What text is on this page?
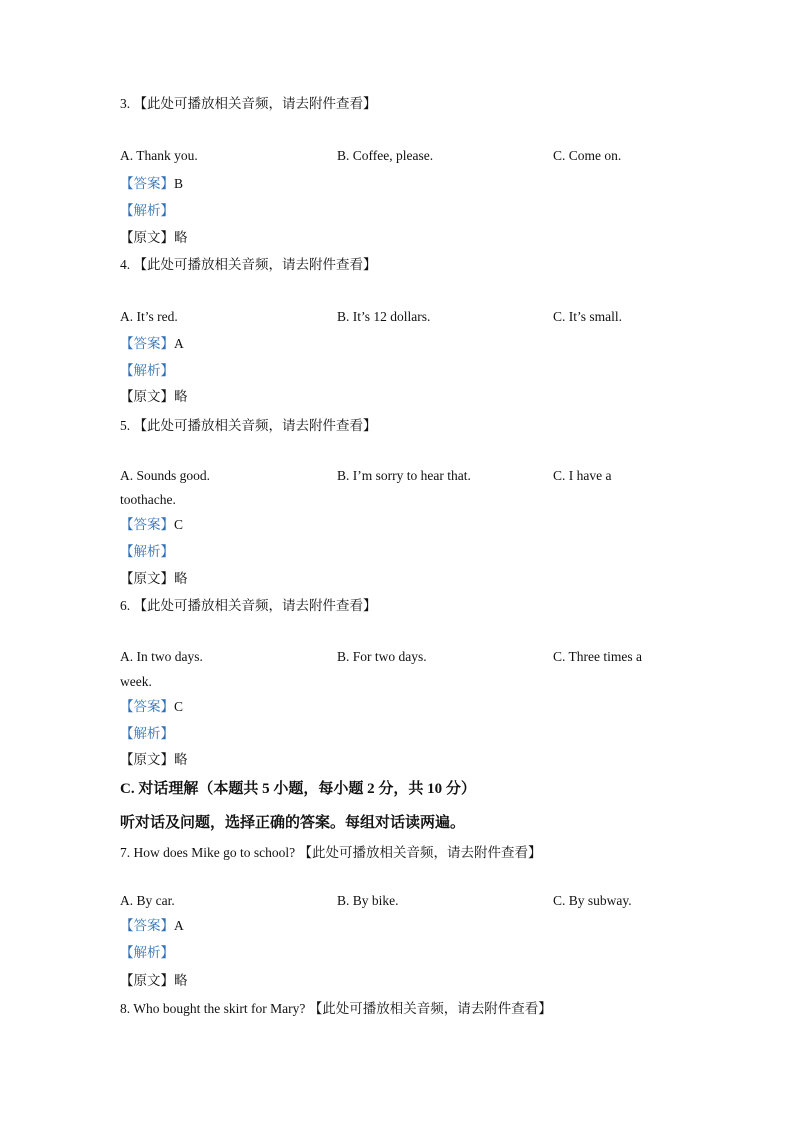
3. 【此处可播放相关音频，请去附件查看】
A. Thank you.	B. Coffee, please.	C. Come on.
【答案】B
【解析】
【原文】略
4. 【此处可播放相关音频，请去附件查看】
A. It’s red.	B. It’s 12 dollars.	C. It’s small.
【答案】A
【解析】
【原文】略
5. 【此处可播放相关音频，请去附件查看】
A. Sounds good.	B. I’m sorry to hear that.	C. I have a
toothache.
【答案】C
【解析】
【原文】略
6. 【此处可播放相关音频，请去附件查看】
A. In two days.	B. For two days.	C. Three times a
week.
【答案】C
【解析】
【原文】略
C. 对话理解（本题共 5 小题，每小题 2 分，共 10 分）
听对话及问题，选择正确的答案。每组对话读两遍。
7. How does Mike go to school? 【此处可播放相关音频，请去附件查看】
A. By car.	B. By bike.	C. By subway.
【答案】A
【解析】
【原文】略
8. Who bought the skirt for Mary? 【此处可播放相关音频，请去附件查看】
